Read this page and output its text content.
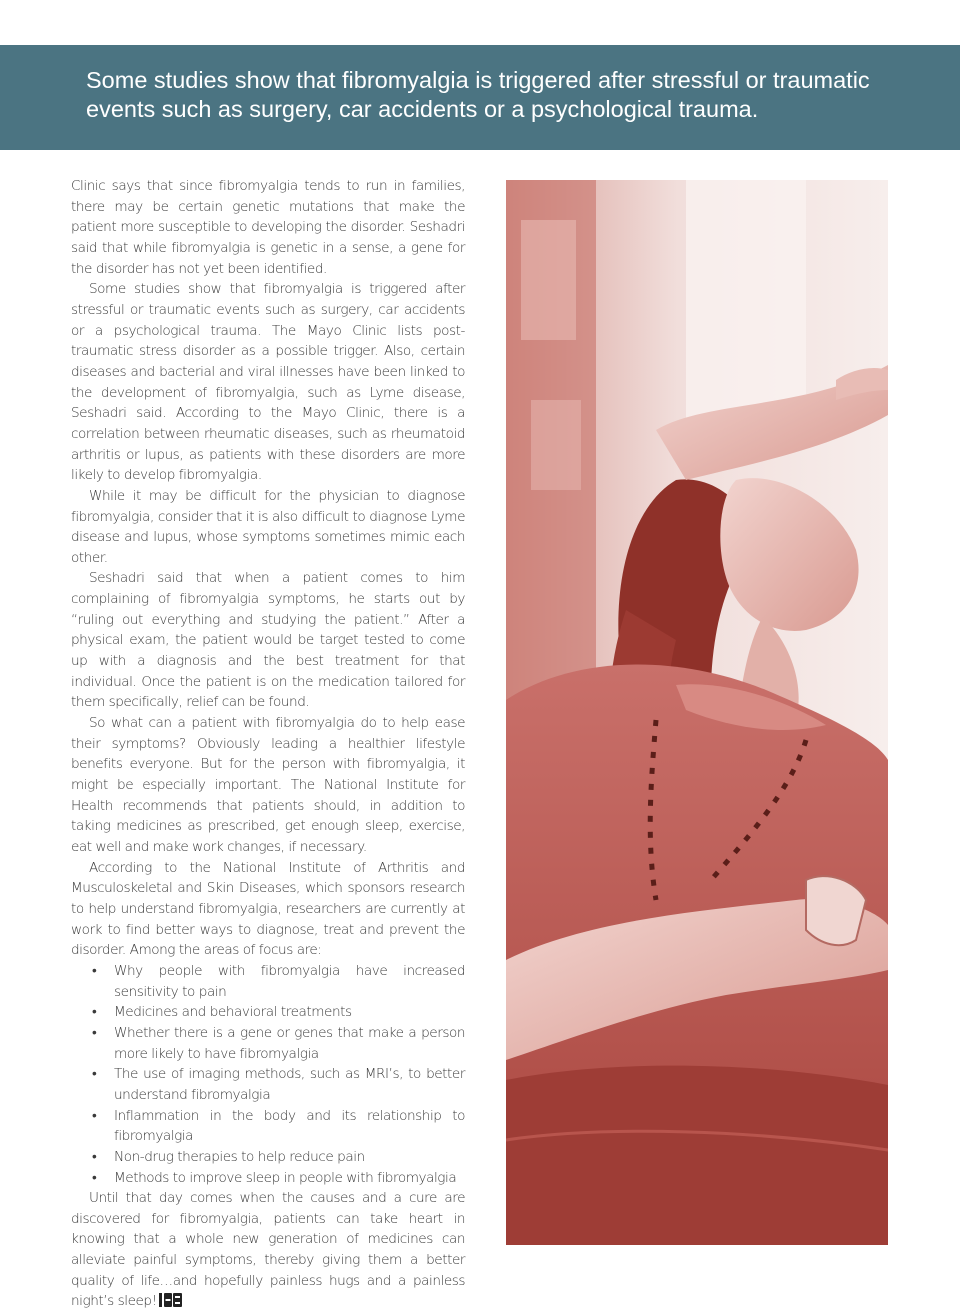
Some studies show that fibromyalgia is triggered after stressful or traumatic events such as surgery, car accidents or a psychological trauma.

Clinic says that since fibromyalgia tends to run in families, there may be certain genetic mutations that make the patient more susceptible to developing the disorder. Seshadri said that while fibromyalgia is genetic in a sense, a gene for the disorder has not yet been identified.

Some studies show that fibromyalgia is triggered after stressful or traumatic events such as surgery, car accidents or a psychological trauma. The Mayo Clinic lists post-traumatic stress disorder as a possible trigger. Also, certain diseases and bacterial and viral illnesses have been linked to the development of fibromyalgia, such as Lyme disease, Seshadri said. According to the Mayo Clinic, there is a correlation between rheumatic diseases, such as rheumatoid arthritis or lupus, as patients with these disorders are more likely to develop fibromyalgia.

While it may be difficult for the physician to diagnose fibromyalgia, consider that it is also difficult to diagnose Lyme disease and lupus, whose symptoms sometimes mimic each other.

Seshadri said that when a patient comes to him complaining of fibromyalgia symptoms, he starts out by “ruling out everything and studying the patient.” After a physical exam, the patient would be target tested to come up with a diagnosis and the best treatment for that individual. Once the patient is on the medication tailored for them specifically, relief can be found.

So what can a patient with fibromyalgia do to help ease their symptoms? Obviously leading a healthier lifestyle benefits everyone. But for the person with fibromyalgia, it might be especially important. The National Institute for Health recommends that patients should, in addition to taking medicines as prescribed, get enough sleep, exercise, eat well and make work changes, if necessary.

According to the National Institute of Arthritis and Musculoskeletal and Skin Diseases, which sponsors research to help understand fibromyalgia, researchers are currently at work to find better ways to diagnose, treat and prevent the disorder. Among the areas of focus are:

• Why people with fibromyalgia have increased sensitivity to pain
• Medicines and behavioral treatments
• Whether there is a gene or genes that make a person more likely to have fibromyalgia
• The use of imaging methods, such as MRI’s, to better understand fibromyalgia
• Inflammation in the body and its relationship to fibromyalgia
• Non-drug therapies to help reduce pain
• Methods to improve sleep in people with fibromyalgia

Until that day comes when the causes and a cure are discovered for fibromyalgia, patients can take heart in knowing that a whole new generation of medicines can alleviate painful symptoms, thereby giving them a better quality of life…and hopefully painless hugs and a painless night’s sleep!
